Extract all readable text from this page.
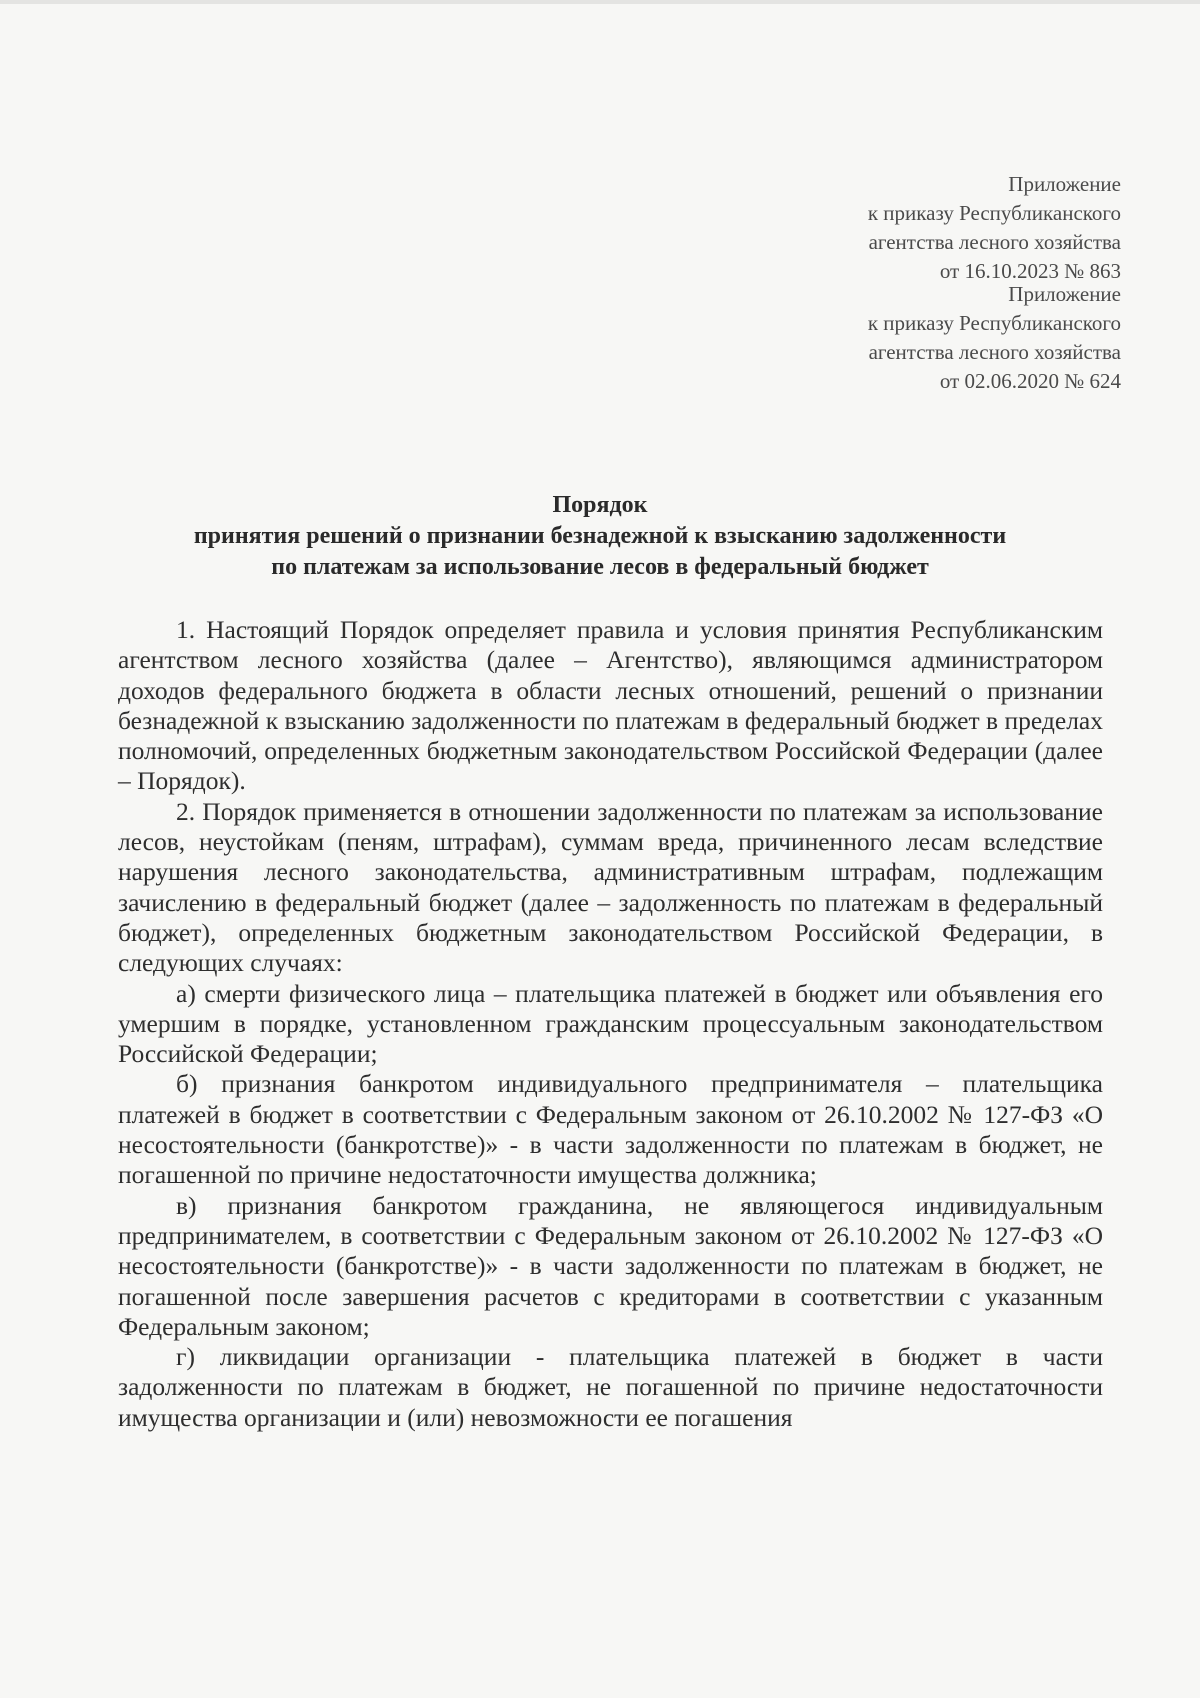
Приложение
к приказу Республиканского
агентства лесного хозяйства
от 16.10.2023 № 863
Приложение
к приказу Республиканского
агентства лесного хозяйства
от 02.06.2020 № 624
Порядок
принятия решений о признании безнадежной к взысканию задолженности
по платежам за использование лесов в федеральный бюджет

1. Настоящий Порядок определяет правила и условия принятия Республиканским агентством лесного хозяйства (далее – Агентство), являющимся администратором доходов федерального бюджета в области лесных отношений, решений о признании безнадежной к взысканию задолженности по платежам в федеральный бюджет в пределах полномочий, определенных бюджетным законодательством Российской Федерации (далее – Порядок).

2. Порядок применяется в отношении задолженности по платежам за использование лесов, неустойкам (пеням, штрафам), суммам вреда, причиненного лесам вследствие нарушения лесного законодательства, административным штрафам, подлежащим зачислению в федеральный бюджет (далее – задолженность по платежам в федеральный бюджет), определенных бюджетным законодательством Российской Федерации, в следующих случаях:

а) смерти физического лица – плательщика платежей в бюджет или объявления его умершим в порядке, установленном гражданским процессуальным законодательством Российской Федерации;

б) признания банкротом индивидуального предпринимателя – плательщика платежей в бюджет в соответствии с Федеральным законом от 26.10.2002 № 127-ФЗ «О несостоятельности (банкротстве)» - в части задолженности по платежам в бюджет, не погашенной по причине недостаточности имущества должника;

в) признания банкротом гражданина, не являющегося индивидуальным предпринимателем, в соответствии с Федеральным законом от 26.10.2002 № 127-ФЗ «О несостоятельности (банкротстве)» - в части задолженности по платежам в бюджет, не погашенной после завершения расчетов с кредиторами в соответствии с указанным Федеральным законом;

г) ликвидации организации - плательщика платежей в бюджет в части задолженности по платежам в бюджет, не погашенной по причине недостаточности имущества организации и (или) невозможности ее погашения
